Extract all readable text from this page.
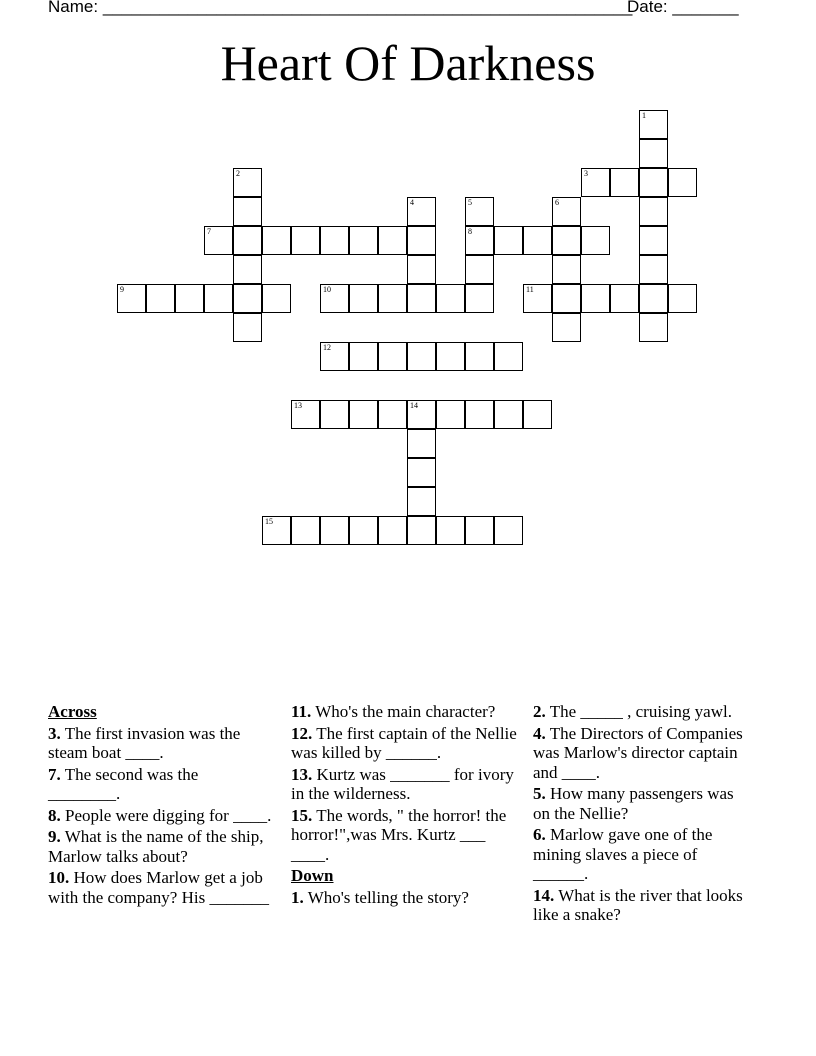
Name: ________________________________________________________
Date: _______
Heart Of Darkness
3
7	8
9	10	11
12
13	14
15
1
2
4	5	6
Across
3. The first invasion was the steam boat ____.
7. The second was the ________.
8. People were digging for ____.
9. What is the name of the ship, Marlow talks about?
10. How does Marlow get a job with the company? His _______
11. Who's the main character?
12. The first captain of the Nellie was killed by ______.
13. Kurtz was _______ for ivory in the wilderness.
15. The words, " the horror! the horror!",was Mrs. Kurtz ___ ____.
Down
1. Who's telling the story?
2. The _____ , cruising yawl.
4. The Directors of Companies was Marlow's director captain and ____.
5. How many passengers was on the Nellie?
6. Marlow gave one of the mining slaves a piece of ______.
14. What is the river that looks like a snake?
